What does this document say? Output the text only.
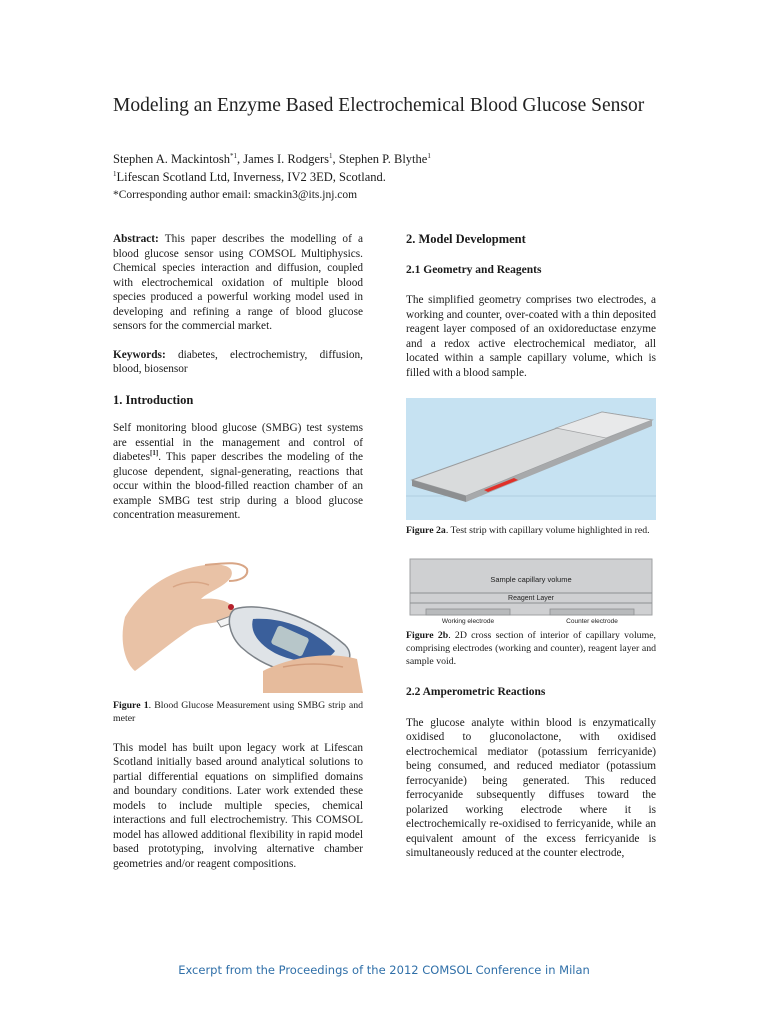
Modeling an Enzyme Based Electrochemical Blood Glucose Sensor
Stephen A. Mackintosh$^{*1}$, James I. Rodgers$^1$, Stephen P. Blythe$^1$
$^1$Lifescan Scotland Ltd, Inverness, IV2 3ED, Scotland.
*Corresponding author email: smackin3@its.jnj.com

Abstract: This paper describes the modelling of a blood glucose sensor using COMSOL Multiphysics. Chemical species interaction and diffusion, coupled with electrochemical oxidation of multiple blood species produced a powerful working model used in developing and refining a range of blood glucose sensors for the commercial market.

Keywords: diabetes, electrochemistry, diffusion, blood, biosensor

1. Introduction

Self monitoring blood glucose (SMBG) test systems are essential in the management and control of diabetes[1]. This paper describes the modeling of the glucose dependent, signal-generating, reactions that occur within the blood-filled reaction chamber of an example SMBG test strip during a blood glucose concentration measurement.

Figure 1. Blood Glucose Measurement using SMBG strip and meter

This model has built upon legacy work at Lifescan Scotland initially based around analytical solutions to partial differential equations on simplified domains and boundary conditions. Later work extended these models to include multiple species, chemical interactions and full electrochemistry. This COMSOL model has allowed additional flexibility in rapid model based prototyping, involving alternative chamber geometries and/or reagent compositions.

2. Model Development
2.1 Geometry and Reagents

The simplified geometry comprises two electrodes, a working and counter, over-coated with a thin deposited reagent layer composed of an oxidoreductase enzyme and a redox active electrochemical mediator, all located within a sample capillary volume, which is filled with a blood sample.

Figure 2a. Test strip with capillary volume highlighted in red.

Sample capillary volume
Reagent Layer
Working electrode	Counter electrode

Figure 2b. 2D cross section of interior of capillary volume, comprising electrodes (working and counter), reagent layer and sample void.

2.2 Amperometric Reactions

The glucose analyte within blood is enzymatically oxidised to gluconolactone, with oxidised electrochemical mediator (potassium ferricyanide) being consumed, and reduced mediator (potassium ferrocyanide) being generated. This reduced ferrocyanide subsequently diffuses toward the polarized working electrode where it is electrochemically re-oxidised to ferricyanide, while an equivalent amount of the excess ferricyanide is simultaneously reduced at the counter electrode,

Excerpt from the Proceedings of the 2012 COMSOL Conference in Milan
